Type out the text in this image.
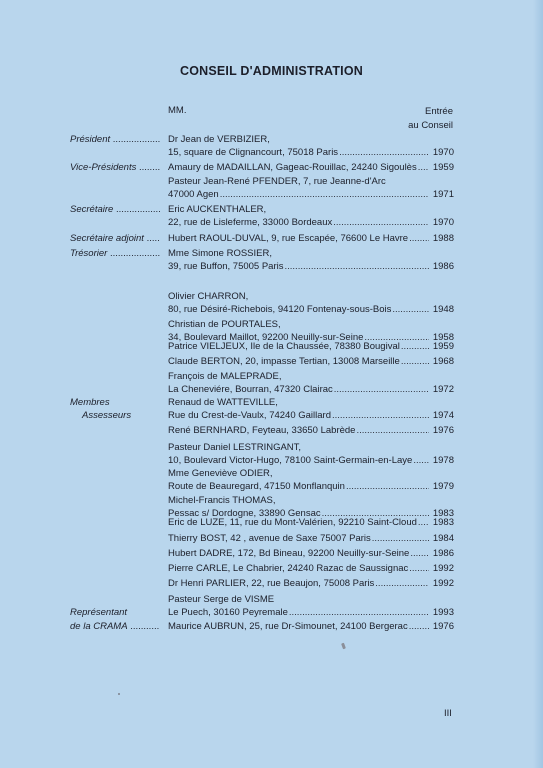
CONSEIL D'ADMINISTRATION
MM.	Entrée
au Conseil
Président .....	Dr Jean de VERBIZIER,
15, square de Clignancourt, 75018 Paris .....	1970
Vice-Présidents .....	Amaury de MADAILLAN, Gageac-Rouillac, 24240 Sigoulès .....	1959
Pasteur Jean-René PFENDER, 7, rue Jeanne-d'Arc
47000 Agen .....	1971
Secrétaire .....	Eric AUCKENTHALER,
22, rue de Lisleferme, 33000 Bordeaux .....	1970
Secrétaire adjoint .....	Hubert RAOUL-DUVAL, 9, rue Escapée, 76600 Le Havre .....	1988
Trésorier .....	Mme Simone ROSSIER,
39, rue Buffon, 75005 Paris .....	1986
Olivier CHARRON,
80, rue Désiré-Richebois, 94120 Fontenay-sous-Bois .....	1948
Christian de POURTALES,
34, Boulevard Maillot, 92200 Neuilly-sur-Seine .....	1958
Patrice VIELJEUX, Ile de la Chaussée, 78380 Bougival .....	1959
Claude BERTON, 20, impasse Tertian, 13008 Marseille .....	1968
François de MALEPRADE,
La Cheneviére, Bourran, 47320 Clairac .....	1972
Membres	Renaud de WATTEVILLE,
Rue du Crest-de-Vaulx, 74240 Gaillard .....	1974
Assesseurs
René BERNHARD, Feyteau, 33650 Labrède .....	1976
Pasteur Daniel LESTRINGANT,
10, Boulevard Victor-Hugo, 78100 Saint-Germain-en-Laye .....	1978
Mme Geneviève ODIER,
Route de Beauregard, 47150 Monflanquin .....	1979
Michel-Francis THOMAS,
Pessac s/ Dordogne, 33890 Gensac .....	1983
Eric de LUZE, 11, rue du Mont-Valérien, 92210 Saint-Cloud .....	1983
Thierry BOST, 42 , avenue de Saxe 75007 Paris .....	1984
Hubert DADRE, 172, Bd Bineau, 92200 Neuilly-sur-Seine .....	1986
Pierre CARLE, Le Chabrier, 24240 Razac de Saussignac .....	1992
Dr Henri PARLIER, 22, rue Beaujon, 75008 Paris .....	1992
Pasteur Serge de VISME
Le Puech, 30160 Peyremale .....	1993
Représentant
de la CRAMA .....	Maurice AUBRUN, 25, rue Dr-Simounet, 24100 Bergerac .....	1976
III
